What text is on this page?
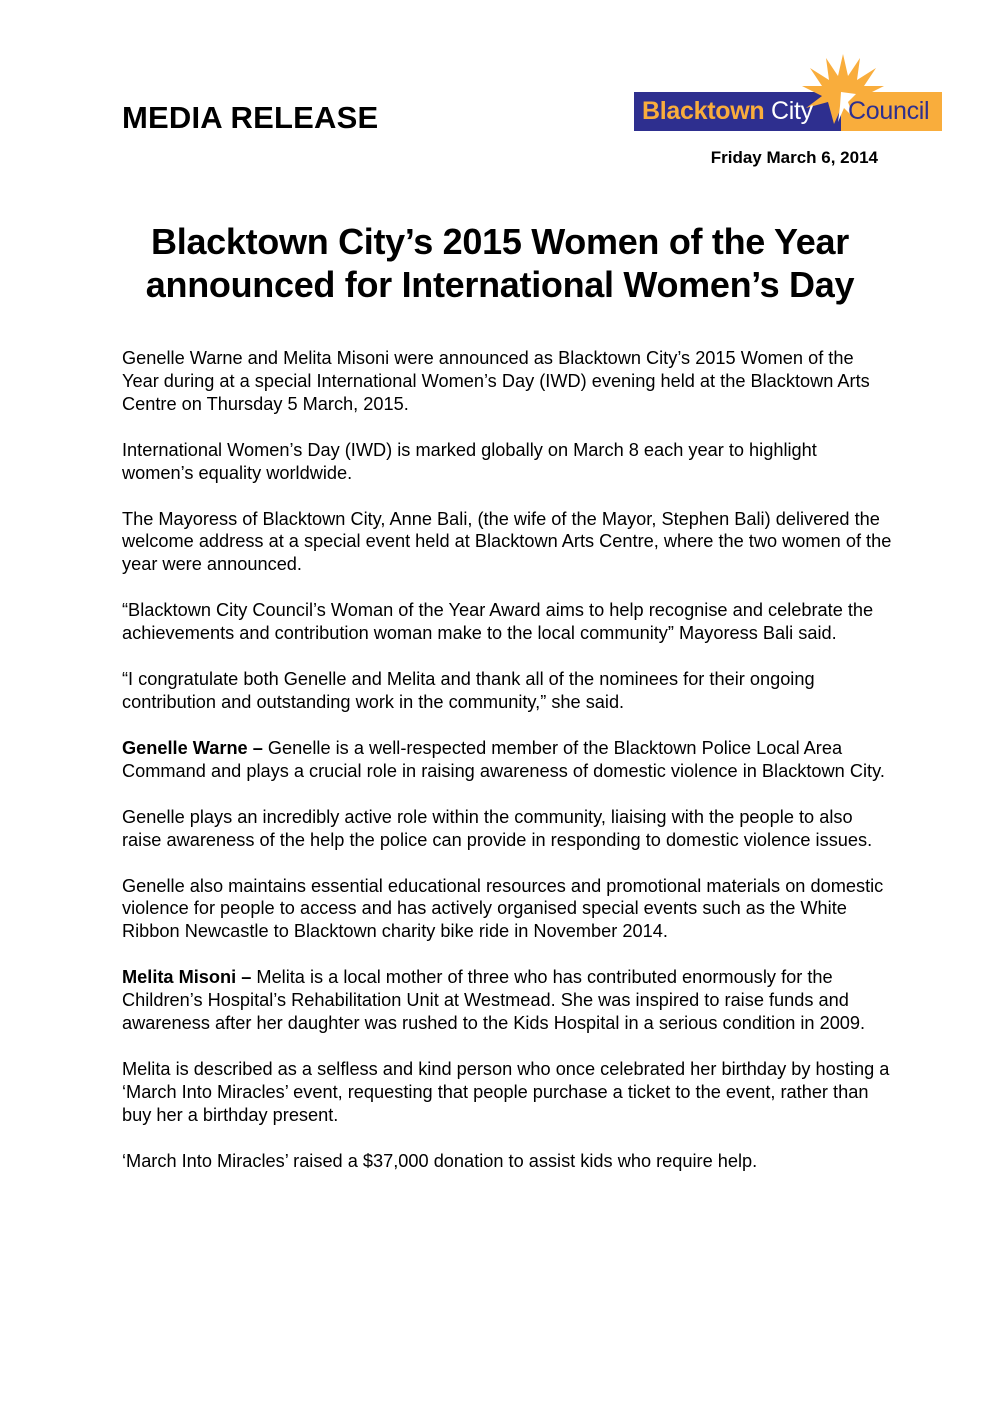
MEDIA RELEASE	Blacktown City Council
Friday March 6, 2014
Blacktown City’s 2015 Women of the Year
announced for International Women’s Day

Genelle Warne and Melita Misoni were announced as Blacktown City’s 2015 Women of the Year during at a special International Women’s Day (IWD) evening held at the Blacktown Arts Centre on Thursday 5 March, 2015.

International Women’s Day (IWD) is marked globally on March 8 each year to highlight women’s equality worldwide.

The Mayoress of Blacktown City, Anne Bali, (the wife of the Mayor, Stephen Bali) delivered the welcome address at a special event held at Blacktown Arts Centre, where the two women of the year were announced.

“Blacktown City Council’s Woman of the Year Award aims to help recognise and celebrate the achievements and contribution woman make to the local community” Mayoress Bali said.

“I congratulate both Genelle and Melita and thank all of the nominees for their ongoing contribution and outstanding work in the community,” she said.

Genelle Warne – Genelle is a well-respected member of the Blacktown Police Local Area Command and plays a crucial role in raising awareness of domestic violence in Blacktown City.

Genelle plays an incredibly active role within the community, liaising with the people to also raise awareness of the help the police can provide in responding to domestic violence issues.

Genelle also maintains essential educational resources and promotional materials on domestic violence for people to access and has actively organised special events such as the White Ribbon Newcastle to Blacktown charity bike ride in November 2014.

Melita Misoni – Melita is a local mother of three who has contributed enormously for the Children’s Hospital’s Rehabilitation Unit at Westmead. She was inspired to raise funds and awareness after her daughter was rushed to the Kids Hospital in a serious condition in 2009.

Melita is described as a selfless and kind person who once celebrated her birthday by hosting a ‘March Into Miracles’ event, requesting that people purchase a ticket to the event, rather than buy her a birthday present.

‘March Into Miracles’ raised a $37,000 donation to assist kids who require help.
